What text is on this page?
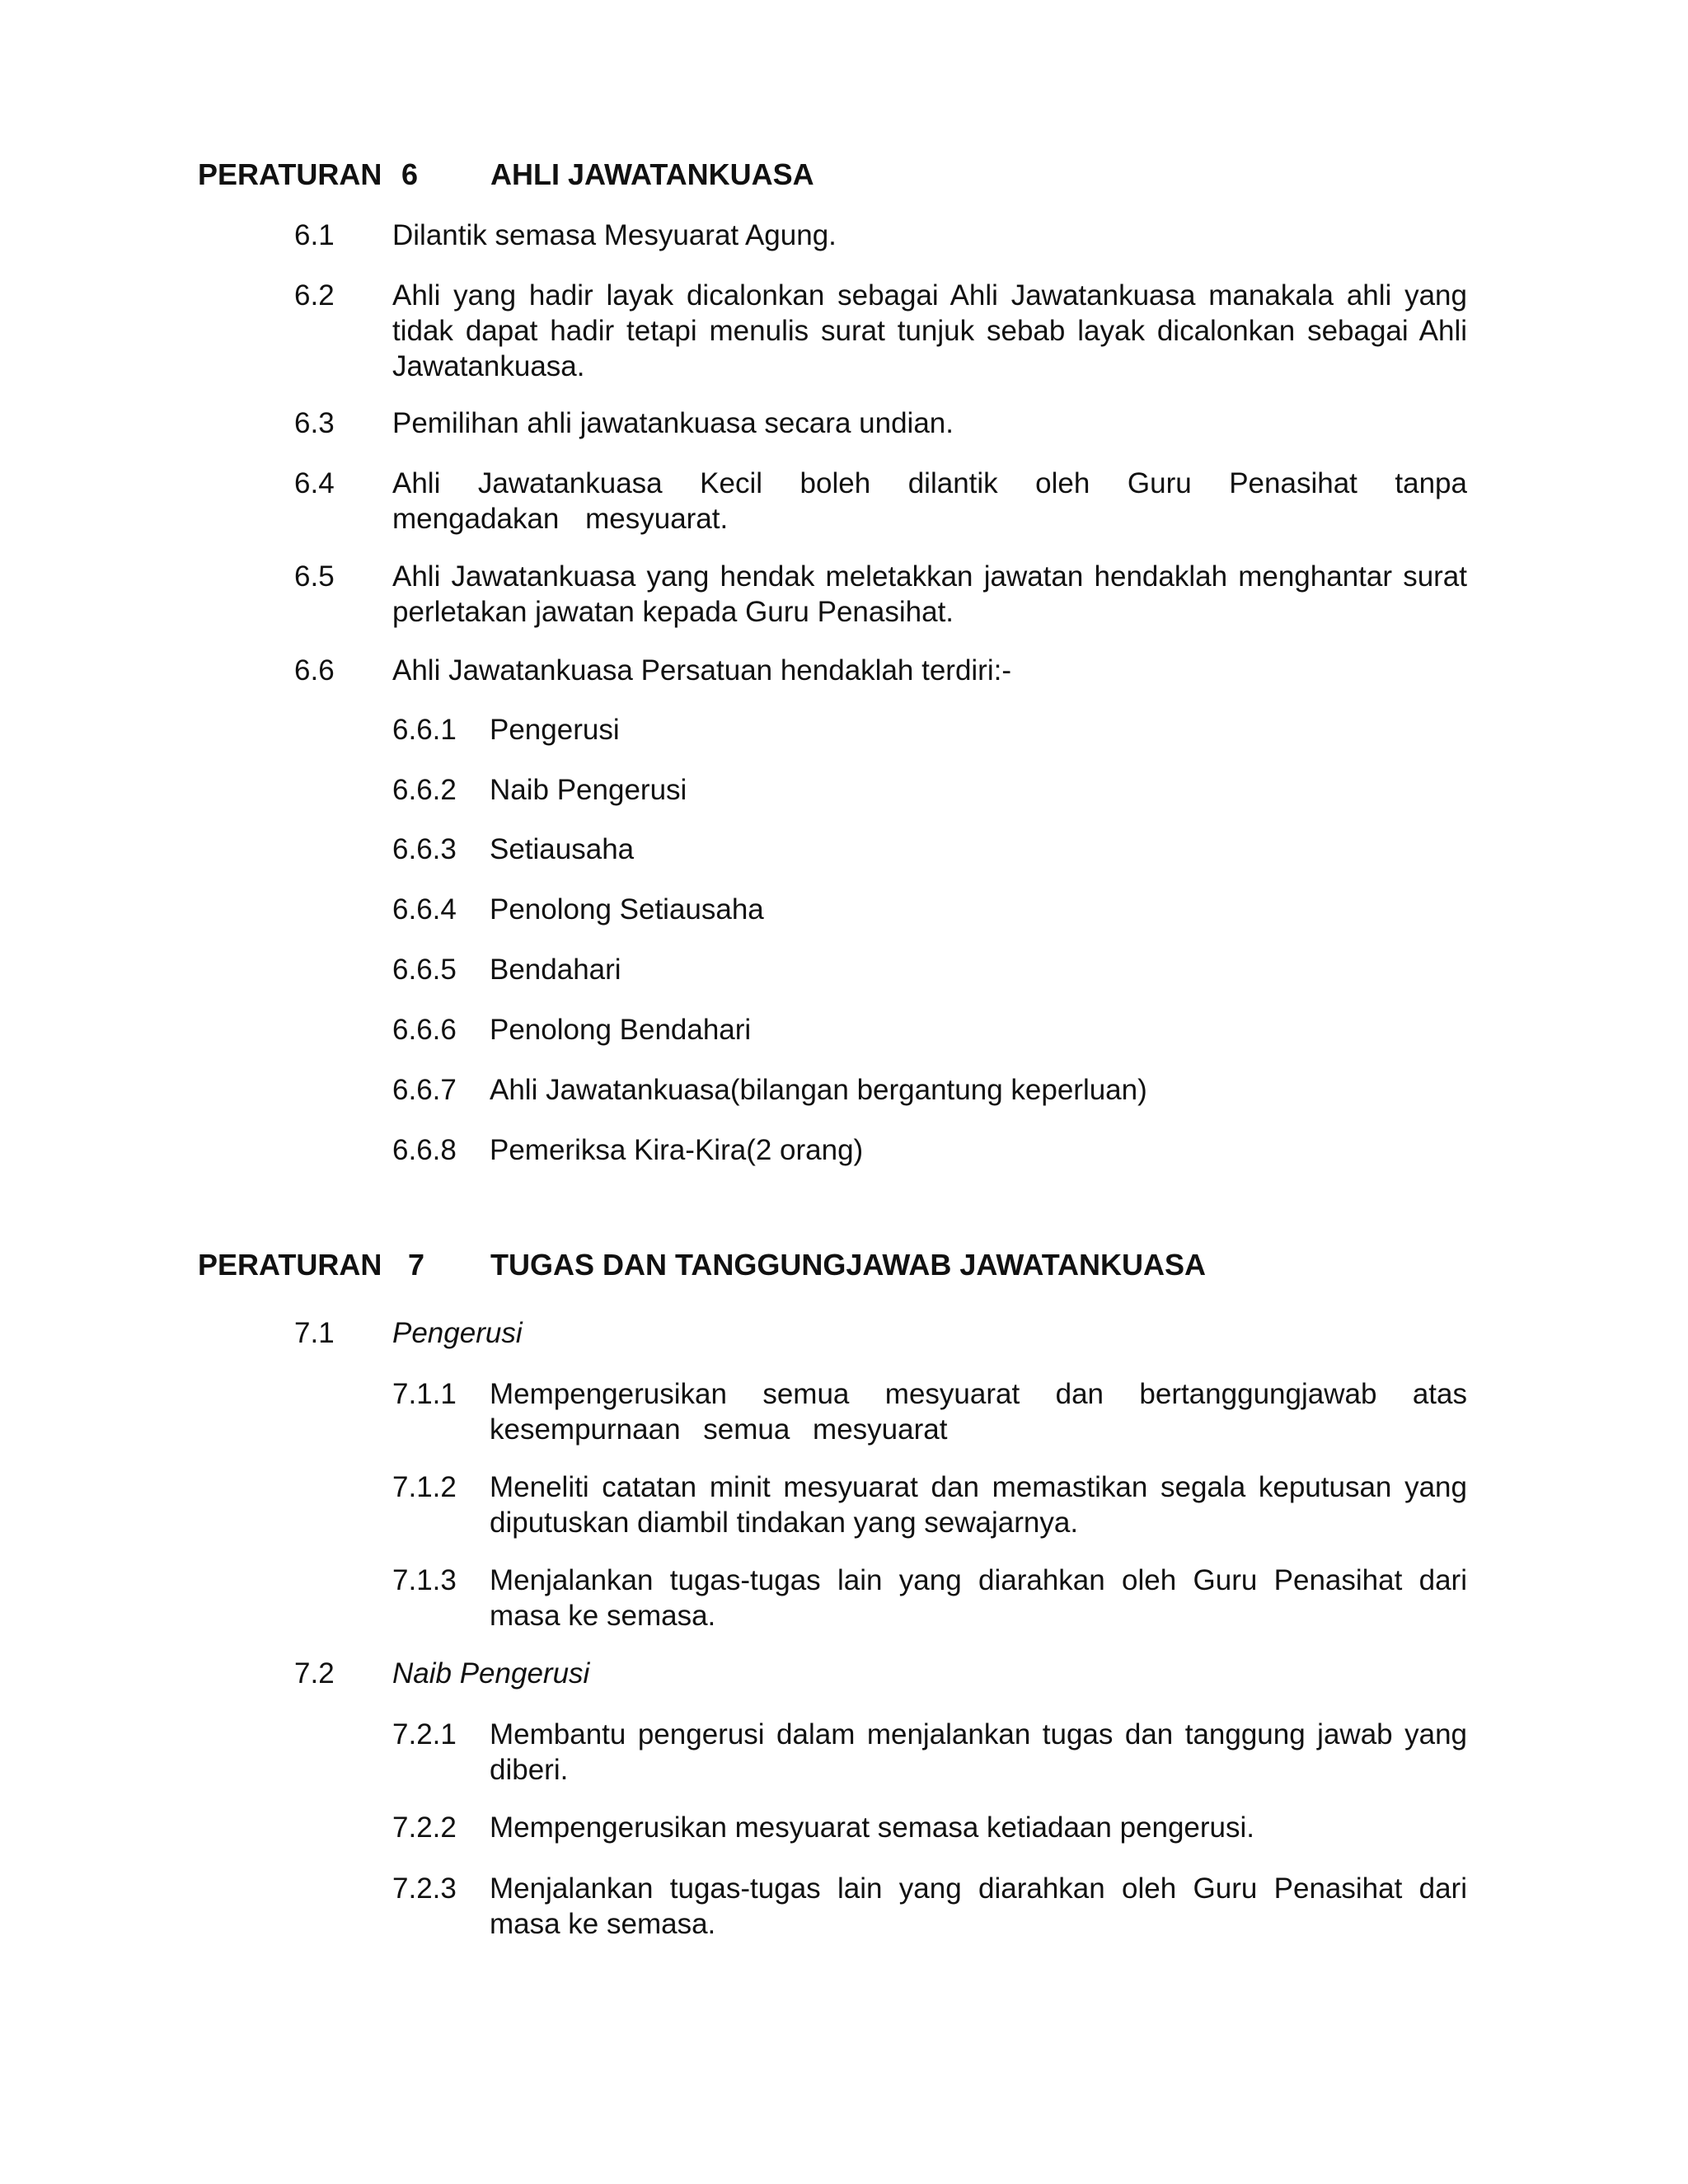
PERATURAN 6 AHLI JAWATANKUASA
6.1 Dilantik semasa Mesyuarat Agung.
6.2 Ahli yang hadir layak dicalonkan sebagai Ahli Jawatankuasa manakala ahli yang tidak dapat hadir tetapi menulis surat tunjuk sebab layak dicalonkan sebagai Ahli Jawatankuasa.
6.3 Pemilihan ahli jawatankuasa secara undian.
6.4 Ahli Jawatankuasa Kecil boleh dilantik oleh Guru Penasihat tanpa mengadakan mesyuarat.
6.5 Ahli Jawatankuasa yang hendak meletakkan jawatan hendaklah menghantar surat perletakan jawatan kepada Guru Penasihat.
6.6 Ahli Jawatankuasa Persatuan hendaklah terdiri:-
6.6.1 Pengerusi
6.6.2 Naib Pengerusi
6.6.3 Setiausaha
6.6.4 Penolong Setiausaha
6.6.5 Bendahari
6.6.6 Penolong Bendahari
6.6.7 Ahli Jawatankuasa(bilangan bergantung keperluan)
6.6.8 Pemeriksa Kira-Kira(2 orang)
PERATURAN 7 TUGAS DAN TANGGUNGJAWAB JAWATANKUASA
7.1 Pengerusi
7.1.1 Mempengerusikan semua mesyuarat dan bertanggungjawab atas kesempurnaan semua mesyuarat
7.1.2 Meneliti catatan minit mesyuarat dan memastikan segala keputusan yang diputuskan diambil tindakan yang sewajarnya.
7.1.3 Menjalankan tugas-tugas lain yang diarahkan oleh Guru Penasihat dari masa ke semasa.
7.2 Naib Pengerusi
7.2.1 Membantu pengerusi dalam menjalankan tugas dan tanggung jawab yang diberi.
7.2.2 Mempengerusikan mesyuarat semasa ketiadaan pengerusi.
7.2.3 Menjalankan tugas-tugas lain yang diarahkan oleh Guru Penasihat dari masa ke semasa.
